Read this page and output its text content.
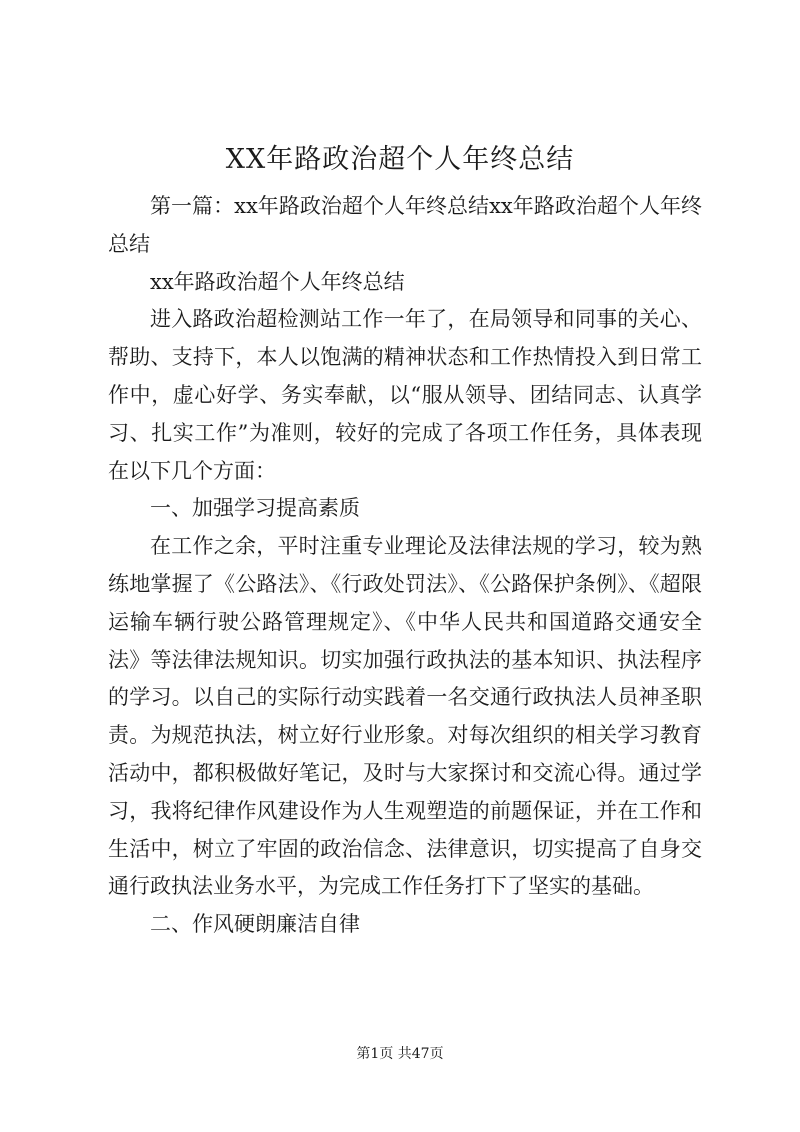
XX年路政治超个人年终总结

第一篇：xx年路政治超个人年终总结xx年路政治超个人年终总结

xx年路政治超个人年终总结

进入路政治超检测站工作一年了，在局领导和同事的关心、帮助、支持下，本人以饱满的精神状态和工作热情投入到日常工作中，虚心好学、务实奉献，以“服从领导、团结同志、认真学习、扎实工作”为准则，较好的完成了各项工作任务，具体表现在以下几个方面：

一、加强学习提高素质

在工作之余，平时注重专业理论及法律法规的学习，较为熟练地掌握了《公路法》、《行政处罚法》、《公路保护条例》、《超限运输车辆行驶公路管理规定》、《中华人民共和国道路交通安全法》等法律法规知识。切实加强行政执法的基本知识、执法程序的学习。以自己的实际行动实践着一名交通行政执法人员神圣职责。为规范执法，树立好行业形象。对每次组织的相关学习教育活动中，都积极做好笔记，及时与大家探讨和交流心得。通过学习，我将纪律作风建设作为人生观塑造的前题保证，并在工作和生活中，树立了牢固的政治信念、法律意识，切实提高了自身交通行政执法业务水平，为完成工作任务打下了坚实的基础。

二、作风硬朗廉洁自律

第1页 共47页
